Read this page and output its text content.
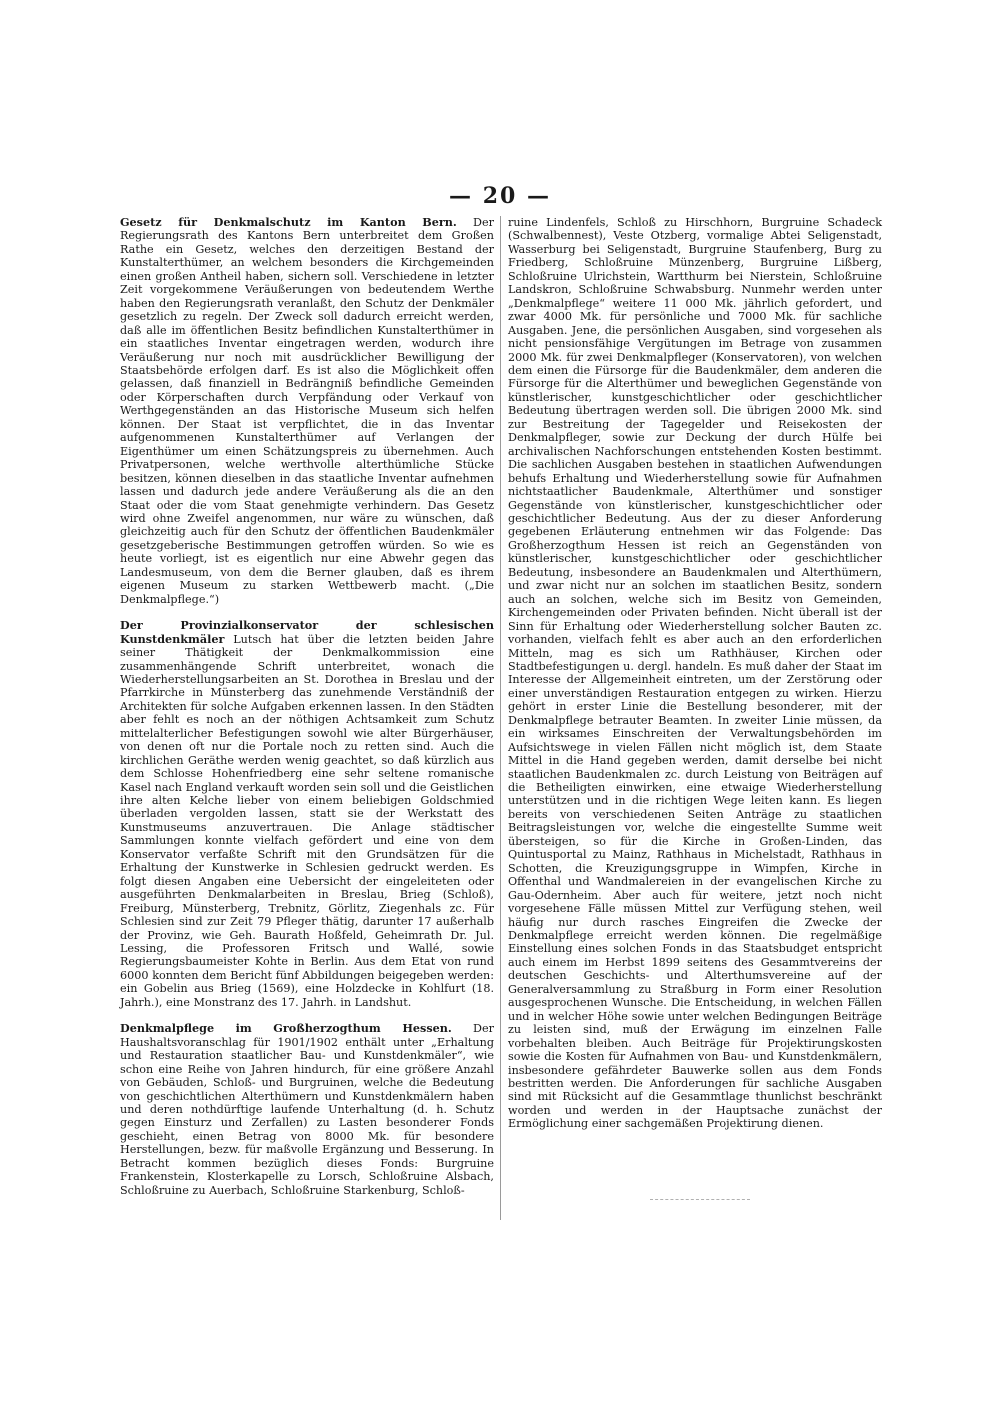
— 20 —

Gesetz für Denkmalschutz im Kanton Bern. Der Regierungsrath des Kantons Bern unterbreitet dem Großen Rathe ein Gesetz, welches den derzeitigen Bestand der Kunstalterthümer, an welchem besonders die Kirchgemeinden einen großen Antheil haben, sichern soll. Verschiedene in letzter Zeit vorgekommene Veräußerungen von bedeutendem Werthe haben den Regierungsrath veranlaßt, den Schutz der Denkmäler gesetzlich zu regeln. Der Zweck soll dadurch erreicht werden, daß alle im öffentlichen Besitz befindlichen Kunstalterthümer in ein staatliches Inventar eingetragen werden, wodurch ihre Veräußerung nur noch mit ausdrücklicher Bewilligung der Staatsbehörde erfolgen darf. Es ist also die Möglichkeit offen gelassen, daß finanziell in Bedrängniß befindliche Gemeinden oder Körperschaften durch Verpfändung oder Verkauf von Werthgegenständen an das Historische Museum sich helfen können. Der Staat ist verpflichtet, die in das Inventar aufgenommenen Kunstalterthümer auf Verlangen der Eigenthümer um einen Schätzungspreis zu übernehmen. Auch Privatpersonen, welche werthvolle alterthümliche Stücke besitzen, können dieselben in das staatliche Inventar aufnehmen lassen und dadurch jede andere Veräußerung als die an den Staat oder die vom Staat genehmigte verhindern. Das Gesetz wird ohne Zweifel angenommen, nur wäre zu wünschen, daß gleichzeitig auch für den Schutz der öffentlichen Baudenkmäler gesetzgeberische Bestimmungen getroffen würden. So wie es heute vorliegt, ist es eigentlich nur eine Abwehr gegen das Landesmuseum, von dem die Berner glauben, daß es ihrem eigenen Museum zu starken Wettbewerb macht. („Die Denkmalpflege.“)

Der Provinzialkonservator der schlesischen Kunstdenkmäler Lutsch hat über die letzten beiden Jahre seiner Thätigkeit der Denkmalkommission eine zusammenhängende Schrift unterbreitet, wonach die Wiederherstellungsarbeiten an St. Dorothea in Breslau und der Pfarrkirche in Münsterberg das zunehmende Verständniß der Architekten für solche Aufgaben erkennen lassen. In den Städten aber fehlt es noch an der nöthigen Achtsamkeit zum Schutz mittelalterlicher Befestigungen sowohl wie alter Bürgerhäuser, von denen oft nur die Portale noch zu retten sind. Auch die kirchlichen Geräthe werden wenig geachtet, so daß kürzlich aus dem Schlosse Hohenfriedberg eine sehr seltene romanische Kasel nach England verkauft worden sein soll und die Geistlichen ihre alten Kelche lieber von einem beliebigen Goldschmied überladen vergolden lassen, statt sie der Werkstatt des Kunstmuseums anzuvertrauen. Die Anlage städtischer Sammlungen konnte vielfach gefördert und eine von dem Konservator verfaßte Schrift mit den Grundsätzen für die Erhaltung der Kunstwerke in Schlesien gedruckt werden. Es folgt diesen Angaben eine Uebersicht der eingeleiteten oder ausgeführten Denkmalarbeiten in Breslau, Brieg (Schloß), Freiburg, Münsterberg, Trebnitz, Görlitz, Ziegenhals zc. Für Schlesien sind zur Zeit 79 Pfleger thätig, darunter 17 außerhalb der Provinz, wie Geh. Baurath Hoßfeld, Geheimrath Dr. Jul. Lessing, die Professoren Fritsch und Wallé, sowie Regierungsbaumeister Kohte in Berlin. Aus dem Etat von rund 6000 konnten dem Bericht fünf Abbildungen beigegeben werden: ein Gobelin aus Brieg (1569), eine Holzdecke in Kohlfurt (18. Jahrh.), eine Monstranz des 17. Jahrh. in Landshut.

Denkmalpflege im Großherzogthum Hessen. Der Haushaltsvoranschlag für 1901/1902 enthält unter „Erhaltung und Restauration staatlicher Bau- und Kunstdenkmäler“, wie schon eine Reihe von Jahren hindurch, für eine größere Anzahl von Gebäuden, Schloß- und Burgruinen, welche die Bedeutung von geschichtlichen Alterthümern und Kunstdenkmälern haben und deren nothdürftige laufende Unterhaltung (d. h. Schutz gegen Einsturz und Zerfallen) zu Lasten besonderer Fonds geschieht, einen Betrag von 8000 Mk. für besondere Herstellungen, bezw. für maßvolle Ergänzung und Besserung. In Betracht kommen bezüglich dieses Fonds: Burgruine Frankenstein, Klosterkapelle zu Lorsch, Schloßruine Alsbach, Schloßruine zu Auerbach, Schloßruine Starkenburg, Schloß-

ruine Lindenfels, Schloß zu Hirschhorn, Burgruine Schadeck (Schwalbennest), Veste Otzberg, vormalige Abtei Seligenstadt, Wasserburg bei Seligenstadt, Burgruine Staufenberg, Burg zu Friedberg, Schloßruine Münzenberg, Burgruine Lißberg, Schloßruine Ulrichstein, Wartthurm bei Nierstein, Schloßruine Landskron, Schloßruine Schwabsburg. Nunmehr werden unter „Denkmalpflege“ weitere 11 000 Mk. jährlich gefordert, und zwar 4000 Mk. für persönliche und 7000 Mk. für sachliche Ausgaben. Jene, die persönlichen Ausgaben, sind vorgesehen als nicht pensionsfähige Vergütungen im Betrage von zusammen 2000 Mk. für zwei Denkmalpfleger (Konservatoren), von welchen dem einen die Fürsorge für die Baudenkmäler, dem anderen die Fürsorge für die Alterthümer und beweglichen Gegenstände von künstlerischer, kunstgeschichtlicher oder geschichtlicher Bedeutung übertragen werden soll. Die übrigen 2000 Mk. sind zur Bestreitung der Tagegelder und Reisekosten der Denkmalpfleger, sowie zur Deckung der durch Hülfe bei archivalischen Nachforschungen entstehenden Kosten bestimmt. Die sachlichen Ausgaben bestehen in staatlichen Aufwendungen behufs Erhaltung und Wiederherstellung sowie für Aufnahmen nichtstaatlicher Baudenkmale, Alterthümer und sonstiger Gegenstände von künstlerischer, kunstgeschichtlicher oder geschichtlicher Bedeutung. Aus der zu dieser Anforderung gegebenen Erläuterung entnehmen wir das Folgende: Das Großherzogthum Hessen ist reich an Gegenständen von künstlerischer, kunstgeschichtlicher oder geschichtlicher Bedeutung, insbesondere an Baudenkmalen und Alterthümern, und zwar nicht nur an solchen im staatlichen Besitz, sondern auch an solchen, welche sich im Besitz von Gemeinden, Kirchengemeinden oder Privaten befinden. Nicht überall ist der Sinn für Erhaltung oder Wiederherstellung solcher Bauten zc. vorhanden, vielfach fehlt es aber auch an den erforderlichen Mitteln, mag es sich um Rathhäuser, Kirchen oder Stadtbefestigungen u. dergl. handeln. Es muß daher der Staat im Interesse der Allgemeinheit eintreten, um der Zerstörung oder einer unverständigen Restauration entgegen zu wirken. Hierzu gehört in erster Linie die Bestellung besonderer, mit der Denkmalpflege betrauter Beamten. In zweiter Linie müssen, da ein wirksames Einschreiten der Verwaltungsbehörden im Aufsichtswege in vielen Fällen nicht möglich ist, dem Staate Mittel in die Hand gegeben werden, damit derselbe bei nicht staatlichen Baudenkmalen zc. durch Leistung von Beiträgen auf die Betheiligten einwirken, eine etwaige Wiederherstellung unterstützen und in die richtigen Wege leiten kann. Es liegen bereits von verschiedenen Seiten Anträge zu staatlichen Beitragsleistungen vor, welche die eingestellte Summe weit übersteigen, so für die Kirche in Großen-Linden, das Quintusportal zu Mainz, Rathhaus in Michelstadt, Rathhaus in Schotten, die Kreuzigungsgruppe in Wimpfen, Kirche in Offenthal und Wandmalereien in der evangelischen Kirche zu Gau-Odernheim. Aber auch für weitere, jetzt noch nicht vorgesehene Fälle müssen Mittel zur Verfügung stehen, weil häufig nur durch rasches Eingreifen die Zwecke der Denkmalpflege erreicht werden können. Die regelmäßige Einstellung eines solchen Fonds in das Staatsbudget entspricht auch einem im Herbst 1899 seitens des Gesammtvereins der deutschen Geschichts- und Alterthumsvereine auf der Generalversammlung zu Straßburg in Form einer Resolution ausgesprochenen Wunsche. Die Entscheidung, in welchen Fällen und in welcher Höhe sowie unter welchen Bedingungen Beiträge zu leisten sind, muß der Erwägung im einzelnen Falle vorbehalten bleiben. Auch Beiträge für Projektirungskosten sowie die Kosten für Aufnahmen von Bau- und Kunstdenkmälern, insbesondere gefährdeter Bauwerke sollen aus dem Fonds bestritten werden. Die Anforderungen für sachliche Ausgaben sind mit Rücksicht auf die Gesammtlage thunlichst beschränkt worden und werden in der Hauptsache zunächst der Ermöglichung einer sachgemäßen Projektirung dienen.
